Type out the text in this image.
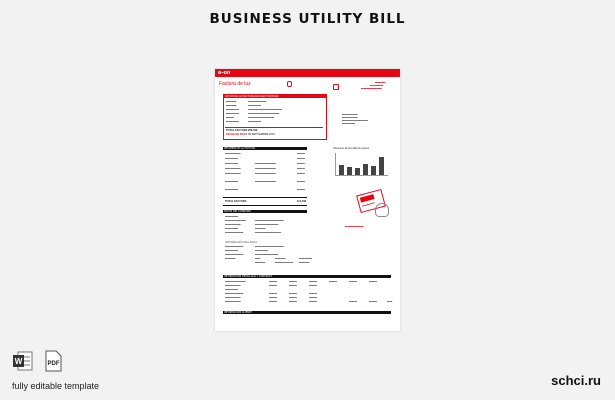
BUSINESS UTILITY BILL
e-on
Factura de luz	▬▬▬▬
▬▬▬▬▬
▬▬▬▬▬▬▬▬
DATOS DE LA FACTURA DE ELECTRICIDAD
▬▬▬▬	▬▬▬▬▬▬▬
▬▬▬▬	▬▬▬▬▬
▬▬▬▬▬	▬▬▬▬▬▬▬▬▬▬▬▬▬
▬▬▬▬▬	▬▬▬▬▬▬▬▬▬▬▬▬
▬▬▬	▬▬▬▬▬▬▬▬▬▬
▬▬▬▬▬	▬▬▬▬▬
TOTAL FACTURA 206,79€
FECHA DE PAGO 08 SEPTIEMBRE 2023
▬▬▬▬▬▬
▬▬▬▬▬▬
▬▬▬▬▬▬▬▬▬▬
▬▬▬▬▬
RESUMEN DE LA FACTURA
▬▬▬▬▬▬	▬▬▬
▬▬▬▬▬	▬▬▬
▬▬▬▬▬	▬▬▬▬▬▬▬▬	▬▬▬
▬▬▬▬▬▬	▬▬▬▬▬▬▬▬	▬▬▬
▬▬▬▬▬▬	▬▬▬▬▬▬▬▬	▬▬▬
▬▬▬▬▬	▬▬▬▬▬▬▬▬	▬▬▬
▬▬▬▬▬	▬▬▬
TOTAL FACTURA	111,79€
Consumo de los últimos meses
▬▬▬▬▬
DATOS DEL CONSUMO
▬▬▬▬▬
▬▬▬▬▬▬▬▬	▬▬▬▬▬▬▬▬▬▬▬
▬▬▬▬▬▬	▬▬▬▬▬▬▬▬▬
▬▬▬▬▬	▬▬▬▬
▬▬▬▬▬▬▬	▬▬▬▬▬▬▬▬▬▬
▬▬▬▬▬▬▬
INFORMACIÓN DEL PAGO
▬▬▬▬▬▬▬	▬▬▬▬▬▬▬▬▬▬▬
▬▬▬▬▬	▬▬▬▬▬
▬▬▬▬▬▬▬	▬▬▬▬▬▬▬▬▬
▬▬▬▬	▬▬	▬▬▬▬	▬▬▬▬▬
▬▬▬▬	▬▬▬▬▬▬▬ ▬▬▬▬
INFORMACIÓN DETALLADA Y CONTRATO
▬▬▬▬▬▬▬▬	▬▬▬	▬▬▬	▬▬▬	▬▬▬	▬▬▬	▬▬▬
▬▬▬▬▬▬	▬▬▬	▬▬▬	▬▬▬
▬▬▬▬▬
▬▬▬▬▬▬▬	▬▬▬	▬▬▬	▬▬▬
▬▬▬▬▬▬	▬▬▬	▬▬▬	▬▬▬
▬▬▬▬▬▬	▬▬▬	▬▬▬	▬▬▬	▬▬▬	▬▬▬	▬▬
INFORMACIÓN CLIENTE
W	PDF
fully editable template	schci.ru
